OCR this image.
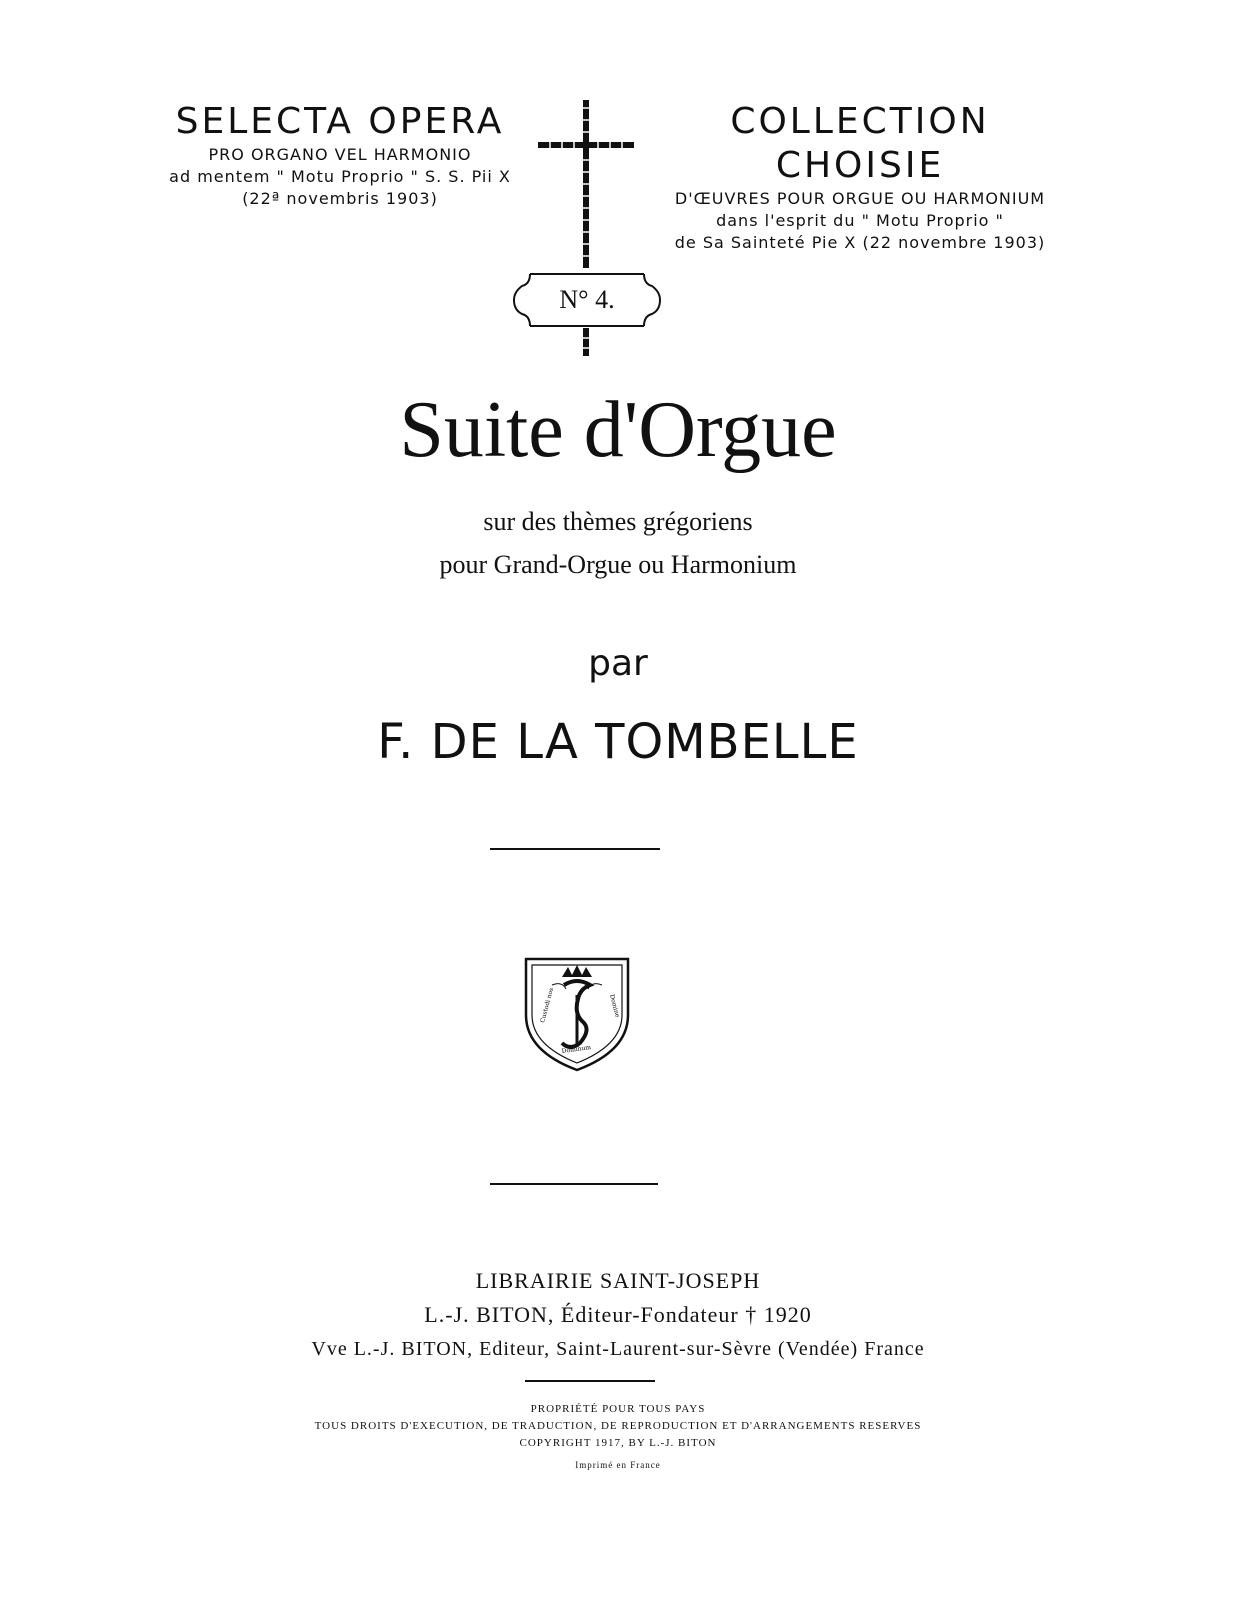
SELECTA OPERA
PRO ORGANO VEL HARMONIO
ad mentem " Motu Proprio " S. S. Pii X
(22ª novembris 1903)
COLLECTION CHOISIE
D'ŒUVRES POUR ORGUE OU HARMONIUM
dans l'esprit du " Motu Proprio "
de Sa Sainteté Pie X (22 novembre 1903)
N° 4.
Suite d'Orgue
sur des thèmes grégoriens
pour Grand-Orgue ou Harmonium
par
F. DE LA TOMBELLE
Custodi nos	Domine
Dominum
LIBRAIRIE SAINT-JOSEPH
L.-J. BITON, Éditeur-Fondateur † 1920
Vve L.-J. BITON, Editeur, Saint-Laurent-sur-Sèvre (Vendée) France
PROPRIÉTÉ POUR TOUS PAYS
TOUS DROITS D'EXECUTION, DE TRADUCTION, DE REPRODUCTION ET D'ARRANGEMENTS RESERVES
COPYRIGHT 1917, BY L.-J. BITON
Imprimé en France
